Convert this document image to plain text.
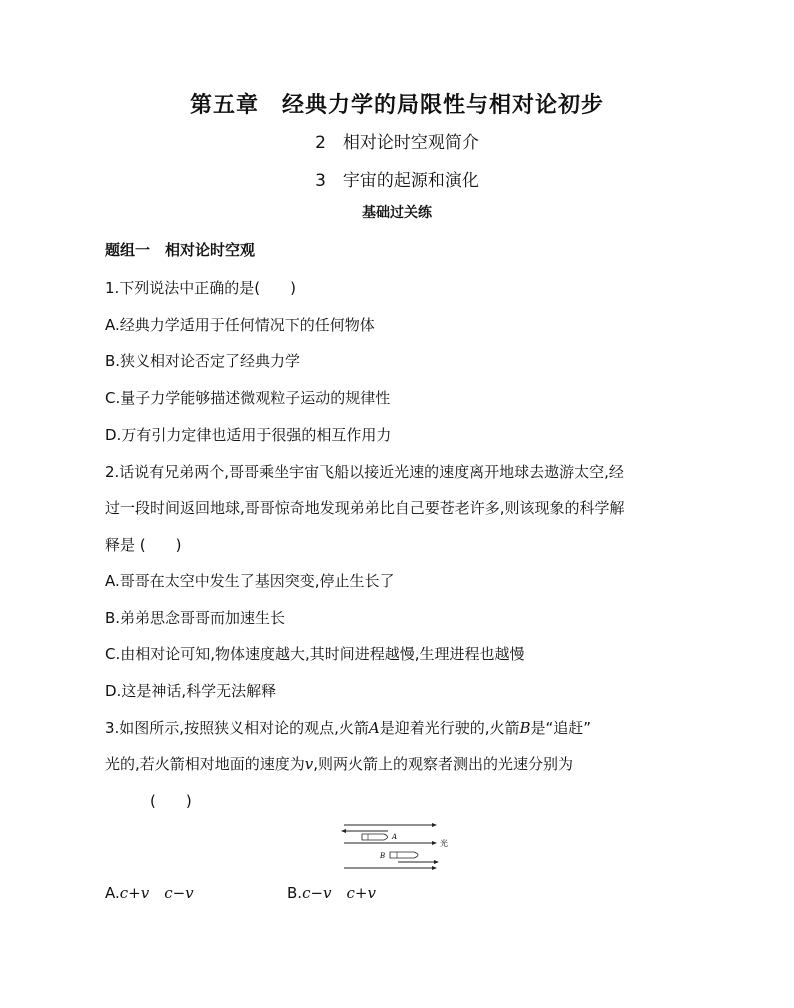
第五章　经典力学的局限性与相对论初步
2　相对论时空观简介
3　宇宙的起源和演化
基础过关练
题组一　相对论时空观
1.下列说法中正确的是(　　)
A.经典力学适用于任何情况下的任何物体
B.狭义相对论否定了经典力学
C.量子力学能够描述微观粒子运动的规律性
D.万有引力定律也适用于很强的相互作用力
2.话说有兄弟两个,哥哥乘坐宇宙飞船以接近光速的速度离开地球去遨游太空,经
过一段时间返回地球,哥哥惊奇地发现弟弟比自己要苍老许多,则该现象的科学解
释是 (　　)
A.哥哥在太空中发生了基因突变,停止生长了
B.弟弟思念哥哥而加速生长
C.由相对论可知,物体速度越大,其时间进程越慢,生理进程也越慢
D.这是神话,科学无法解释
3.如图所示,按照狭义相对论的观点,火箭A是迎着光行驶的,火箭B是“追赶”
光的,若火箭相对地面的速度为v,则两火箭上的观察者测出的光速分别为
(　　)
A
光
B
A.c+v　c−v	B.c−v　c+v
